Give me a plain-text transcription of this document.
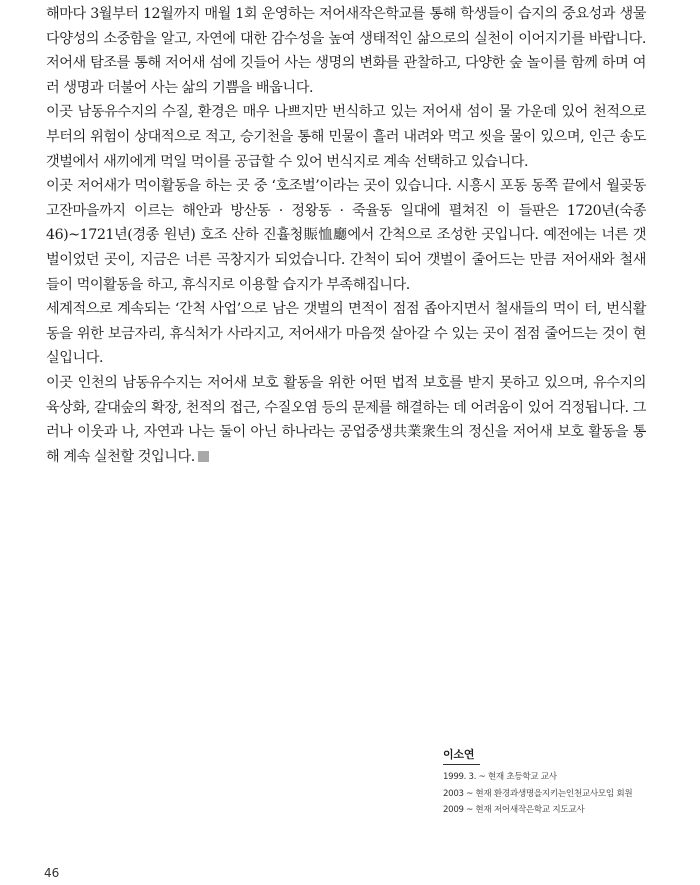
해마다 3월부터 12월까지 매월 1회 운영하는 저어새작은학교를 통해 학생들이 습지의 중요성과 생물 다양성의 소중함을 알고, 자연에 대한 감수성을 높여 생태적인 삶으로의 실천이 이어지기를 바랍니다. 저어새 탐조를 통해 저어새 섬에 깃들어 사는 생명의 변화를 관찰하고, 다양한 숲 놀이를 함께 하며 여러 생명과 더불어 사는 삶의 기쁨을 배웁니다.

이곳 남동유수지의 수질, 환경은 매우 나쁘지만 번식하고 있는 저어새 섬이 물 가운데 있어 천적으로부터의 위험이 상대적으로 적고, 승기천을 통해 민물이 흘러 내려와 먹고 씻을 물이 있으며, 인근 송도갯벌에서 새끼에게 먹일 먹이를 공급할 수 있어 번식지로 계속 선택하고 있습니다.

이곳 저어새가 먹이활동을 하는 곳 중 ‘호조벌’이라는 곳이 있습니다. 시흥시 포동 동쪽 끝에서 월곶동 고잔마을까지 이르는 해안과 방산동 · 정왕동 · 죽율동 일대에 펼쳐진 이 들판은 1720년(숙종 46)~1721년(경종 원년) 호조 산하 진휼청賑恤廳에서 간척으로 조성한 곳입니다. 예전에는 너른 갯벌이었던 곳이, 지금은 너른 곡창지가 되었습니다. 간척이 되어 갯벌이 줄어드는 만큼 저어새와 철새들이 먹이활동을 하고, 휴식지로 이용할 습지가 부족해집니다.

세계적으로 계속되는 ‘간척 사업’으로 남은 갯벌의 면적이 점점 좁아지면서 철새들의 먹이 터, 번식활동을 위한 보금자리, 휴식처가 사라지고, 저어새가 마음껏 살아갈 수 있는 곳이 점점 줄어드는 것이 현실입니다.

이곳 인천의 남동유수지는 저어새 보호 활동을 위한 어떤 법적 보호를 받지 못하고 있으며, 유수지의 육상화, 갈대숲의 확장, 천적의 접근, 수질오염 등의 문제를 해결하는 데 어려움이 있어 걱정됩니다. 그러나 이웃과 나, 자연과 나는 둘이 아닌 하나라는 공업중생共業衆生의 정신을 저어새 보호 활동을 통해 계속 실천할 것입니다.

이소연
1999. 3. ~ 현재 초등학교 교사
2003 ~ 현재 환경과생명을지키는인천교사모임 회원
2009 ~ 현재 저어새작은학교 지도교사
46
